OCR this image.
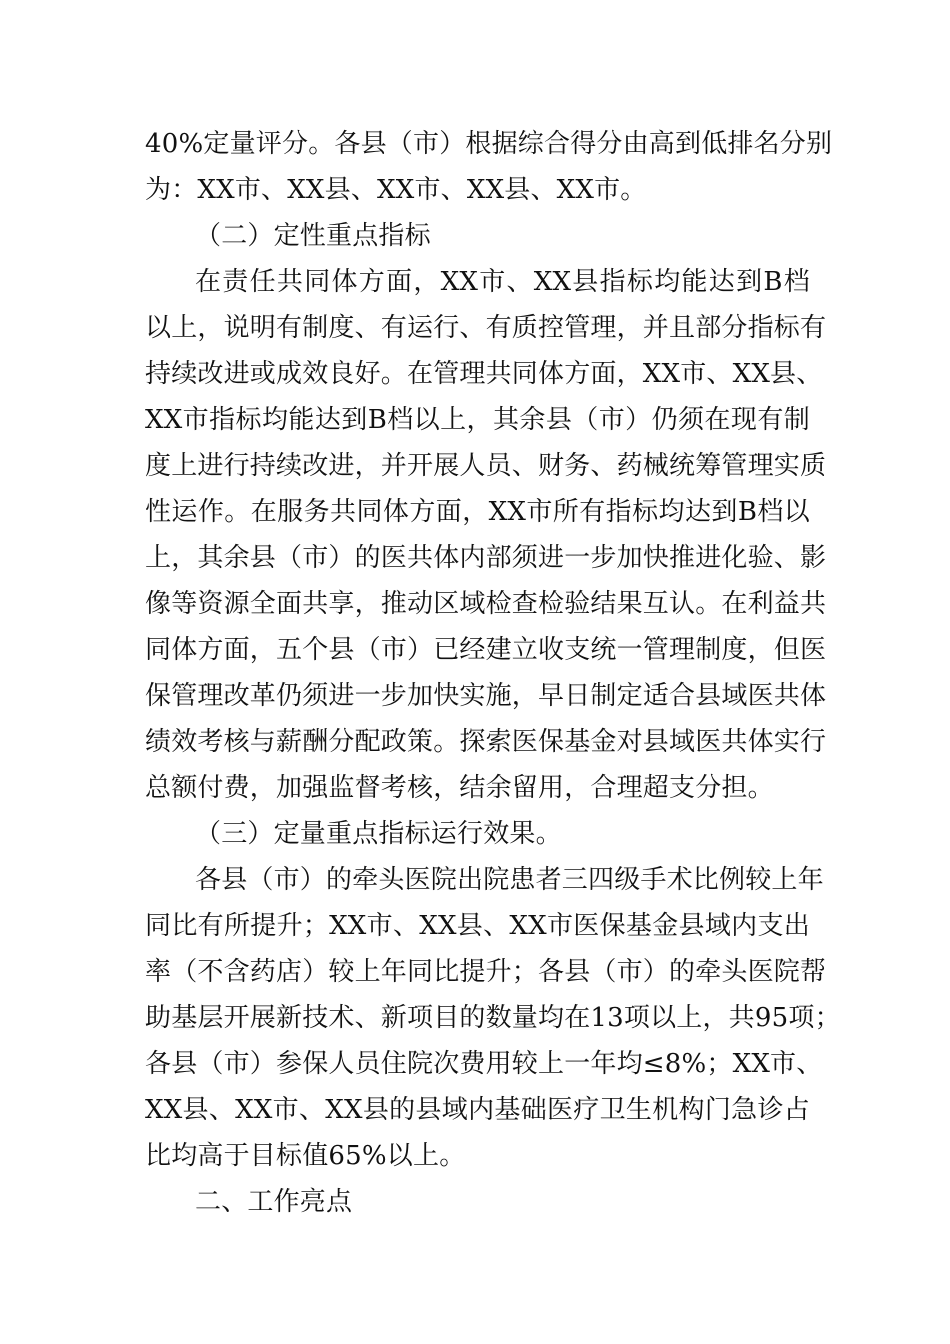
40%定量评分。各县（市）根据综合得分由高到低排名分别
为：XX市、XX县、XX市、XX县、XX市。
（二）定性重点指标
在责任共同体方面，XX市、XX县指标均能达到B档
以上，说明有制度、有运行、有质控管理，并且部分指标有
持续改进或成效良好。在管理共同体方面，XX市、XX县、
XX市指标均能达到B档以上，其余县（市）仍须在现有制
度上进行持续改进，并开展人员、财务、药械统筹管理实质
性运作。在服务共同体方面，XX市所有指标均达到B档以
上，其余县（市）的医共体内部须进一步加快推进化验、影
像等资源全面共享，推动区域检查检验结果互认。在利益共
同体方面，五个县（市）已经建立收支统一管理制度，但医
保管理改革仍须进一步加快实施，早日制定适合县域医共体
绩效考核与薪酬分配政策。探索医保基金对县域医共体实行
总额付费，加强监督考核，结余留用，合理超支分担。
（三）定量重点指标运行效果。
各县（市）的牵头医院出院患者三四级手术比例较上年
同比有所提升；XX市、XX县、XX市医保基金县域内支出
率（不含药店）较上年同比提升；各县（市）的牵头医院帮
助基层开展新技术、新项目的数量均在13项以上，共95项；
各县（市）参保人员住院次费用较上一年均≤8%；XX市、
XX县、XX市、XX县的县域内基础医疗卫生机构门急诊占
比均高于目标值65%以上。
二、工作亮点
